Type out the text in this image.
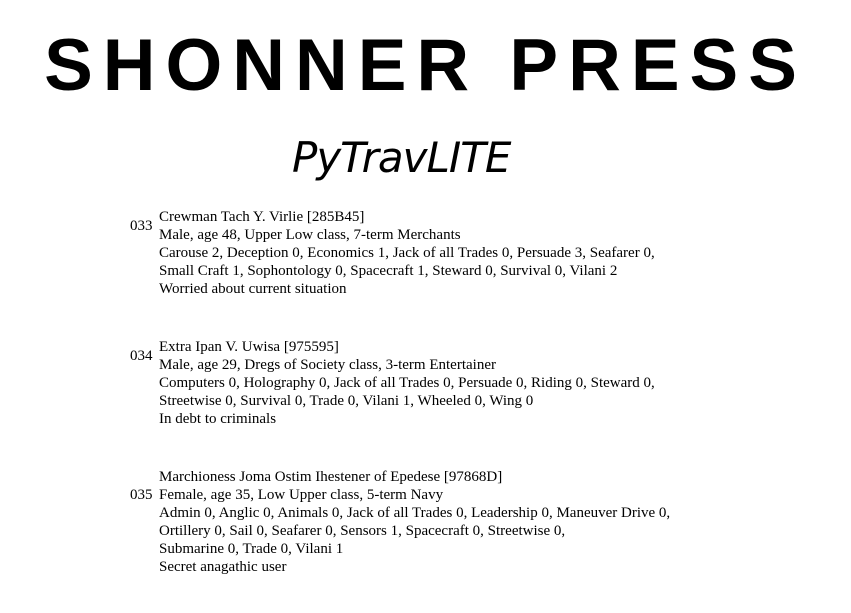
SHONNER PRESS
PyTravLITE
033
Crewman Tach Y. Virlie [285B45]
Male, age 48, Upper Low class, 7-term Merchants
Carouse 2, Deception 0, Economics 1, Jack of all Trades 0, Persuade 3, Seafarer 0,
Small Craft 1, Sophontology 0, Spacecraft 1, Steward 0, Survival 0, Vilani 2
Worried about current situation
034
Extra Ipan V. Uwisa [975595]
Male, age 29, Dregs of Society class, 3-term Entertainer
Computers 0, Holography 0, Jack of all Trades 0, Persuade 0, Riding 0, Steward 0,
Streetwise 0, Survival 0, Trade 0, Vilani 1, Wheeled 0, Wing 0
In debt to criminals
035
Marchioness Joma Ostim Ihestener of Epedese [97868D]
Female, age 35, Low Upper class, 5-term Navy
Admin 0, Anglic 0, Animals 0, Jack of all Trades 0, Leadership 0, Maneuver Drive 0,
Ortillery 0, Sail 0, Seafarer 0, Sensors 1, Spacecraft 0, Streetwise 0,
Submarine 0, Trade 0, Vilani 1
Secret anagathic user
